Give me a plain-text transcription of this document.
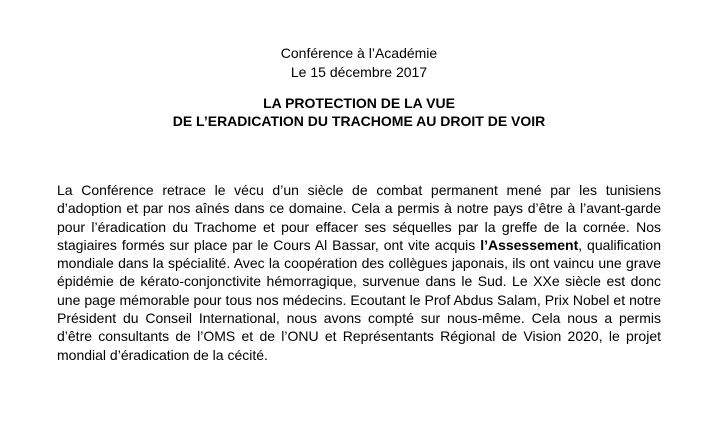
Conférence à l’Académie
Le 15 décembre 2017
LA PROTECTION DE LA VUE
DE L’ERADICATION DU TRACHOME AU DROIT DE VOIR
La Conférence retrace le vécu d’un siècle de combat permanent mené par les tunisiens d’adoption et par nos aînés dans ce domaine. Cela a permis à notre pays d’être à l’avant-garde pour l’éradication du Trachome et pour effacer ses séquelles par la greffe de la cornée. Nos stagiaires formés sur place par le Cours Al Bassar, ont vite acquis l’Assessement, qualification mondiale dans la spécialité. Avec la coopération des collègues japonais, ils ont vaincu une grave épidémie de kérato-conjonctivite hémorragique, survenue dans le Sud. Le XXe siècle est donc une page mémorable pour tous nos médecins. Ecoutant le Prof Abdus Salam, Prix Nobel et notre Président du Conseil International, nous avons compté sur nous-même. Cela nous a permis d’être consultants de l’OMS et de l’ONU et Représentants Régional de Vision 2020, le projet mondial d’éradication de la cécité.
